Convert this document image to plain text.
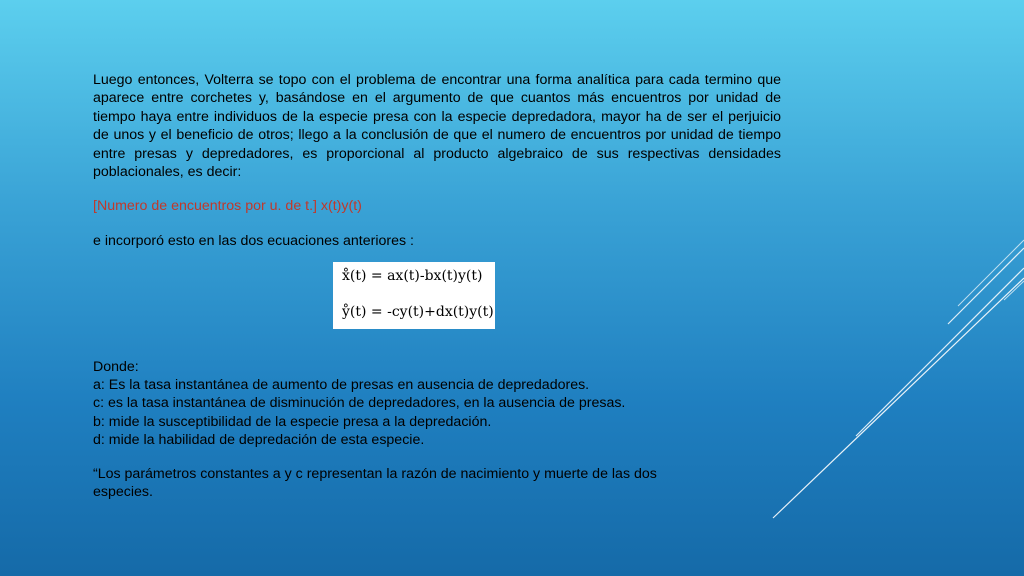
Luego entonces, Volterra se topo con el problema de encontrar una forma analítica para cada termino que aparece entre corchetes y, basándose en el argumento de que cuantos más encuentros por unidad de tiempo haya entre individuos de la especie presa con la especie depredadora, mayor ha de ser el perjuicio de unos y el beneficio de otros; llego a la conclusión de que el numero de encuentros por unidad de tiempo entre presas y depredadores, es proporcional al producto algebraico de sus respectivas densidades poblacionales, es decir:

[Numero de encuentros por u. de t.] x(t)y(t)

e incorporó esto en las dos ecuaciones anteriores :

x̊(t) = ax(t)-bx(t)y(t)
ẙ(t) = -cy(t)+dx(t)y(t)
Donde:
a: Es la tasa instantánea de aumento de presas en ausencia de depredadores.
c: es la tasa instantánea de disminución de depredadores, en la ausencia de presas.
b: mide la susceptibilidad de la especie presa a la depredación.
d: mide la habilidad de depredación de esta especie.
“Los parámetros constantes a y c representan la razón de nacimiento y muerte de las dos especies.
